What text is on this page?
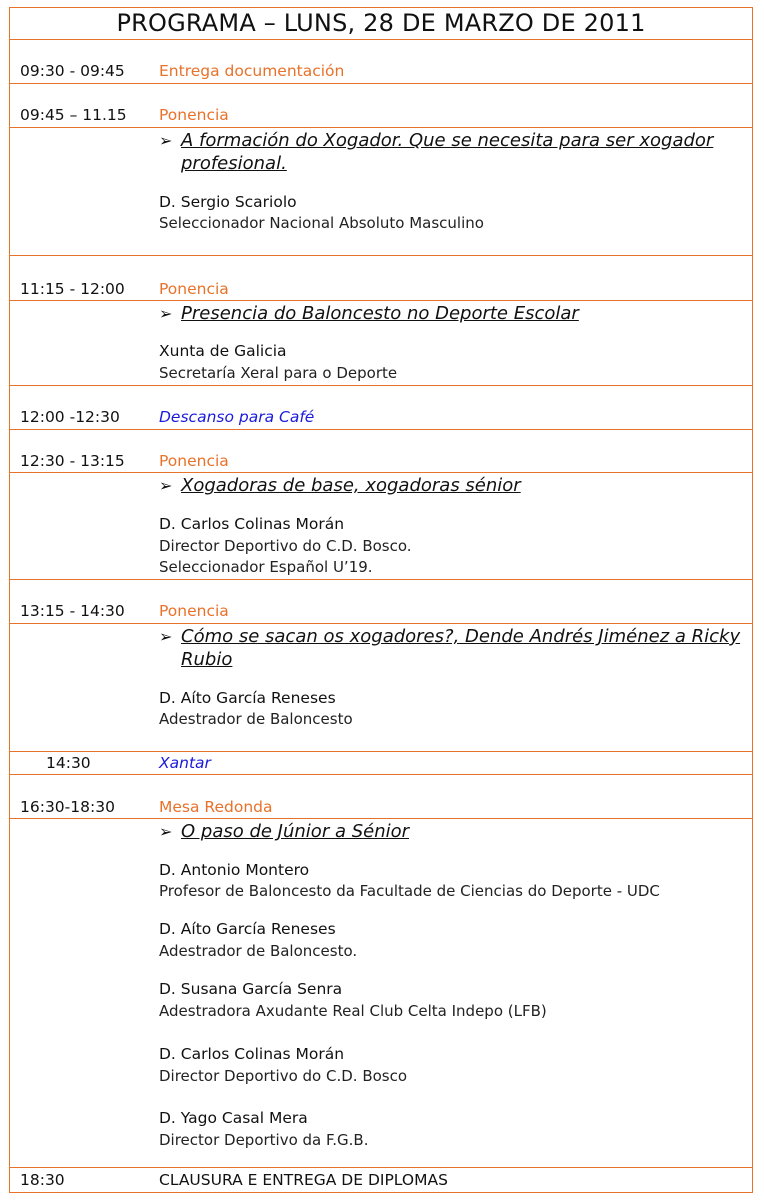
PROGRAMA – LUNS, 28 DE MARZO DE 2011
09:30 - 09:45 Entrega documentación
09:45 – 11.15 Ponencia
➢ A formación do Xogador. Que se necesita para ser xogador profesional.
D. Sergio Scariolo
Seleccionador Nacional Absoluto Masculino
11:15 - 12:00 Ponencia
➢ Presencia do Baloncesto no Deporte Escolar
Xunta de Galicia
Secretaría Xeral para o Deporte
12:00 -12:30	Descanso para Café
12:30 - 13:15 Ponencia
➢ Xogadoras de base, xogadoras sénior
D. Carlos Colinas Morán
Director Deportivo do C.D. Bosco.
Seleccionador Español U’19.
13:15 - 14:30 Ponencia
➢ Cómo se sacan os xogadores?, Dende Andrés Jiménez a Ricky Rubio
D. Aíto García Reneses
Adestrador de Baloncesto
14:30	Xantar
16:30-18:30	Mesa Redonda
➢ O paso de Júnior a Sénior
D. Antonio Montero
Profesor de Baloncesto da Facultade de Ciencias do Deporte - UDC
D. Aíto García Reneses
Adestrador de Baloncesto.
D. Susana García Senra
Adestradora Axudante Real Club Celta Indepo (LFB)
D. Carlos Colinas Morán
Director Deportivo do C.D. Bosco
D. Yago Casal Mera
Director Deportivo da F.G.B.
18:30	CLAUSURA E ENTREGA DE DIPLOMAS
